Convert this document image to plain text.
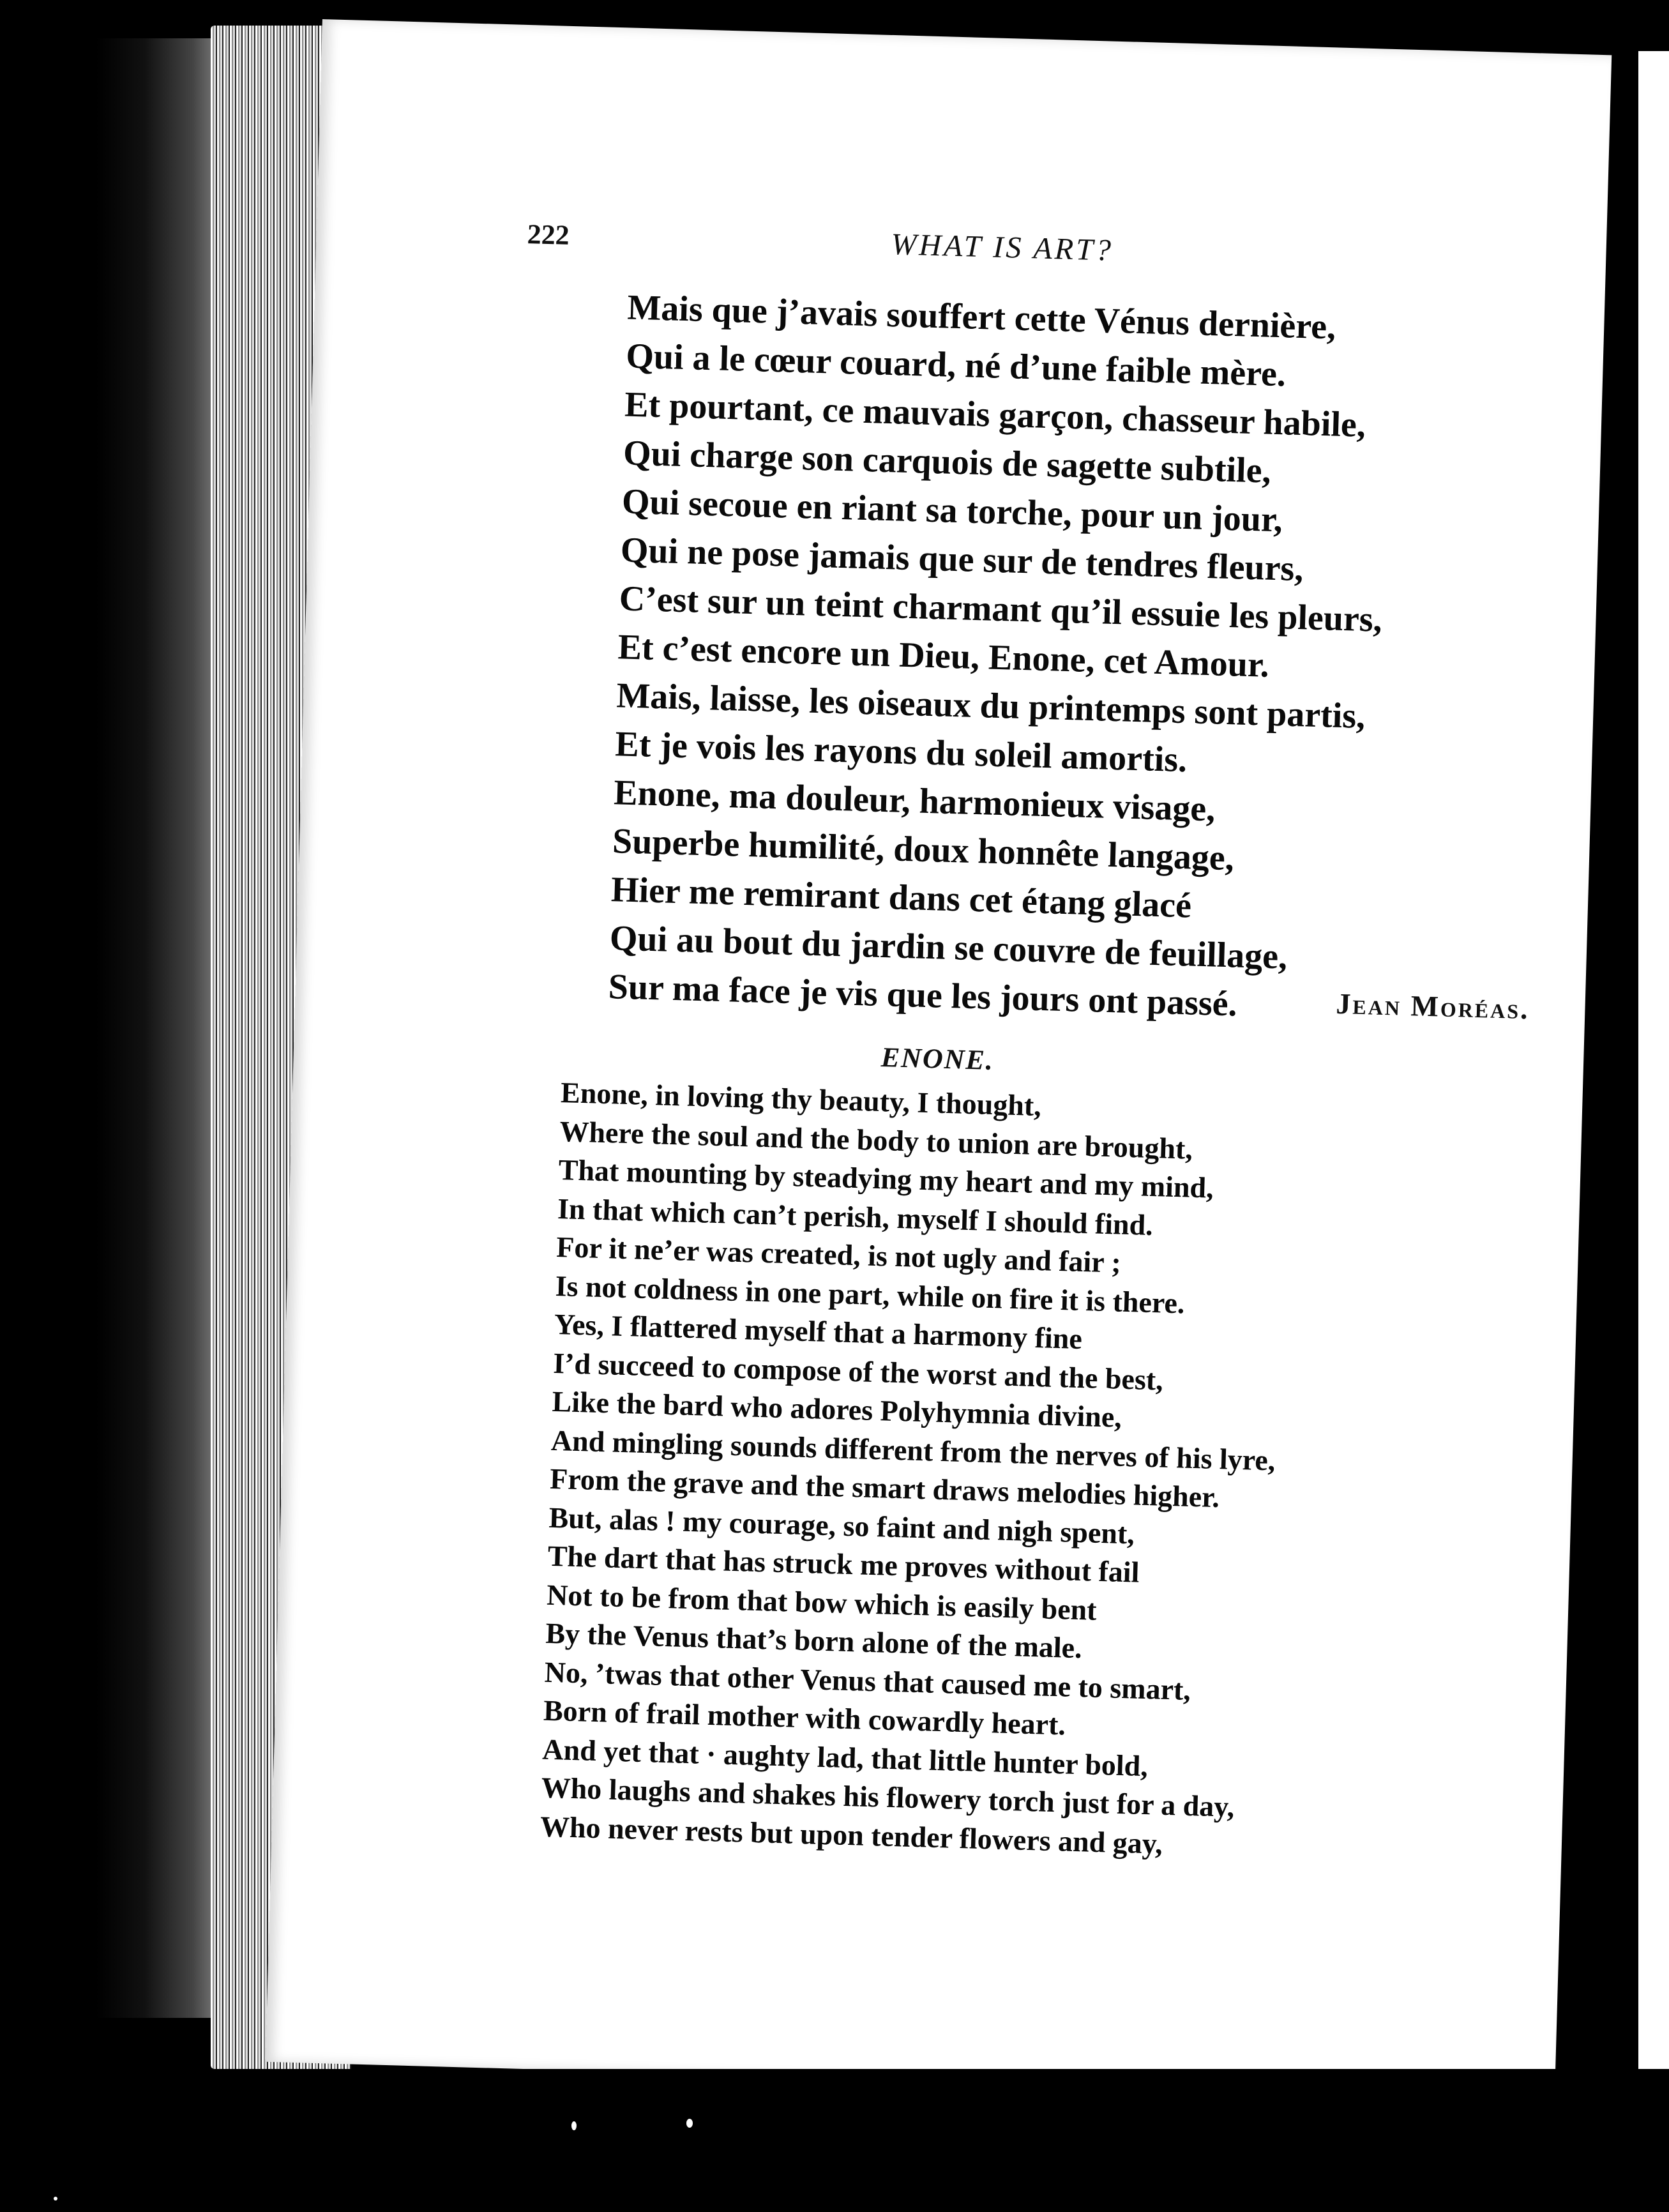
222	WHAT IS ART?
Mais que j’avais souffert cette Vénus dernière,
Qui a le cœur couard, né d’une faible mère.
Et pourtant, ce mauvais garçon, chasseur habile,
Qui charge son carquois de sagette subtile,
Qui secoue en riant sa torche, pour un jour,
Qui ne pose jamais que sur de tendres fleurs,
C’est sur un teint charmant qu’il essuie les pleurs,
Et c’est encore un Dieu, Enone, cet Amour.
Mais, laisse, les oiseaux du printemps sont partis,
Et je vois les rayons du soleil amortis.
Enone, ma douleur, harmonieux visage,
Superbe humilité, doux honnête langage,
Hier me remirant dans cet étang glacé
Qui au bout du jardin se couvre de feuillage,
Sur ma face je vis que les jours ont passé.	Jean Moréas.
ENONE.
Enone, in loving thy beauty, I thought,
Where the soul and the body to union are brought,
That mounting by steadying my heart and my mind,
In that which can’t perish, myself I should find.
For it ne’er was created, is not ugly and fair ;
Is not coldness in one part, while on fire it is there.
Yes, I flattered myself that a harmony fine
I’d succeed to compose of the worst and the best,
Like the bard who adores Polyhymnia divine,
And mingling sounds different from the nerves of his lyre,
From the grave and the smart draws melodies higher.
But, alas ! my courage, so faint and nigh spent,
The dart that has struck me proves without fail
Not to be from that bow which is easily bent
By the Venus that’s born alone of the male.
No, ’twas that other Venus that caused me to smart,
Born of frail mother with cowardly heart.
And yet that · aughty lad, that little hunter bold,
Who laughs and shakes his flowery torch just for a day,
Who never rests but upon tender flowers and gay,
